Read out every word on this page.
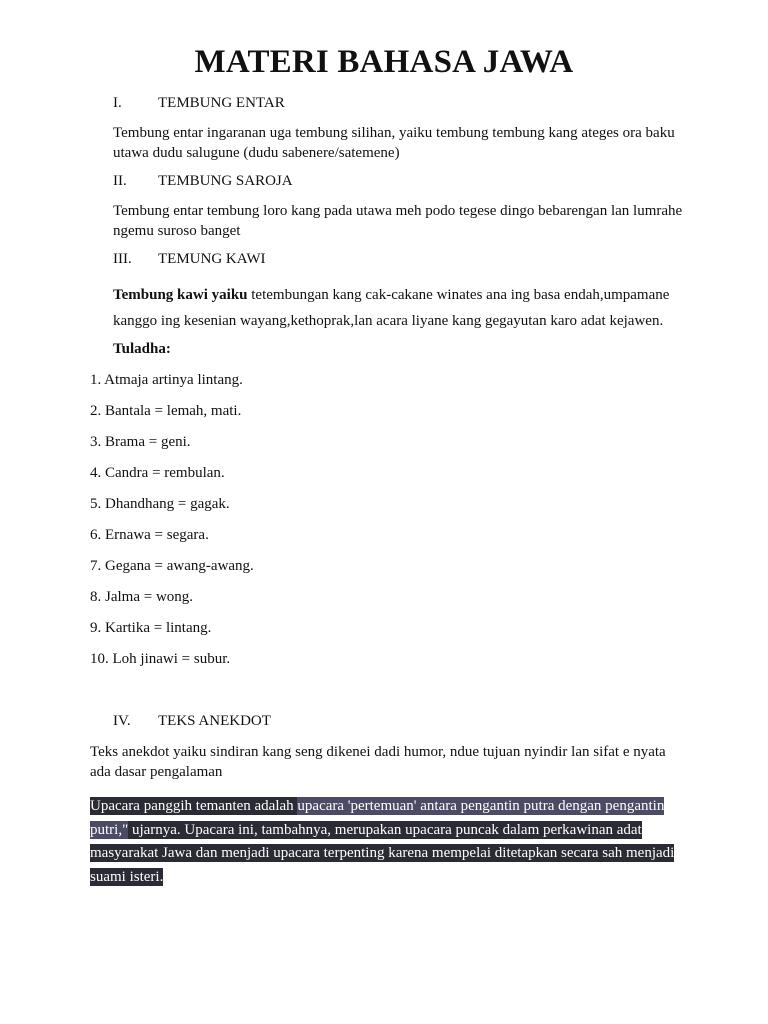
MATERI BAHASA JAWA
I. TEMBUNG ENTAR

Tembung entar ingaranan uga tembung silihan, yaiku tembung tembung kang ateges ora baku utawa dudu salugune (dudu sabenere/satemene)

II. TEMBUNG SAROJA

Tembung entar tembung loro kang pada utawa meh podo tegese dingo bebarengan lan lumrahe ngemu suroso banget

III. TEMUNG KAWI

Tembung kawi yaiku tetembungan kang cak-cakane winates ana ing basa endah,umpamane kanggo ing kesenian wayang,kethoprak,lan acara liyane kang gegayutan karo adat kejawen.

Tuladha:
1. Atmaja artinya lintang.
2. Bantala = lemah, mati.
3. Brama = geni.
4. Candra = rembulan.
5. Dhandhang = gagak.
6. Ernawa = segara.
7. Gegana = awang-awang.
8. Jalma = wong.
9. Kartika = lintang.
10. Loh jinawi = subur.
IV. TEKS ANEKDOT

Teks anekdot yaiku sindiran kang seng dikenei dadi humor, ndue tujuan nyindir lan sifat e nyata ada dasar pengalaman

Upacara panggih temanten adalah upacara 'pertemuan' antara pengantin putra dengan pengantin putri," ujarnya. Upacara ini, tambahnya, merupakan upacara puncak dalam perkawinan adat masyarakat Jawa dan menjadi upacara terpenting karena mempelai ditetapkan secara sah menjadi suami isteri.
